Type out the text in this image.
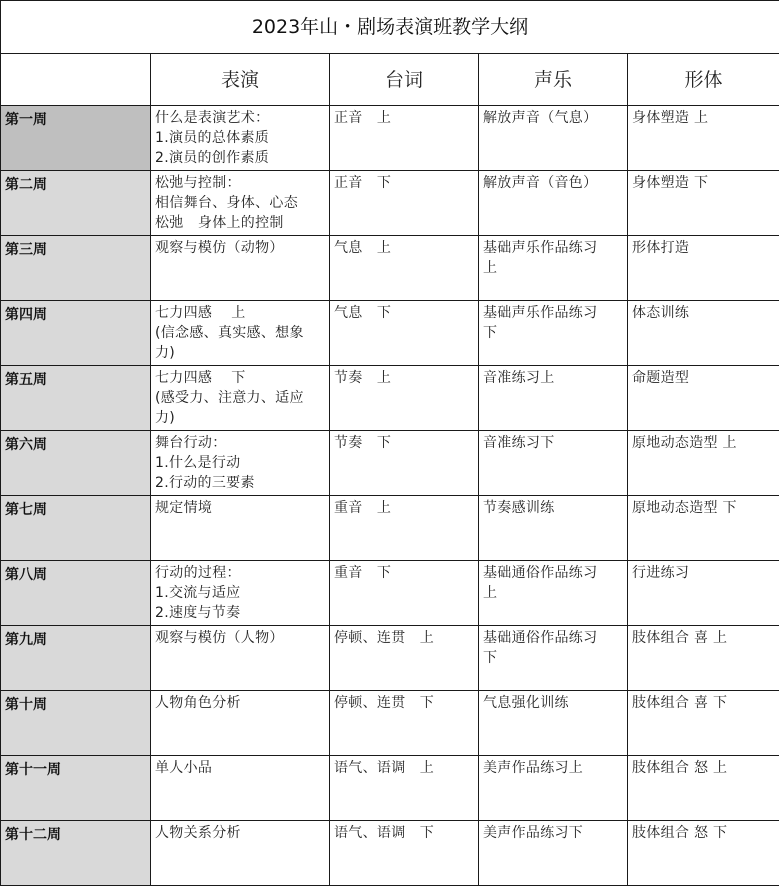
2023年山・剧场表演班教学大纲				
	表演	台词	声乐	形体
第一周	什么是表演艺术：
1.演员的总体素质
2.演员的创作素质	正音　上	解放声音（气息）	身体塑造 上

第二周	松弛与控制：
相信舞台、身体、心态
松弛　身体上的控制	正音　下	解放声音（音色）	身体塑造 下

第三周	观察与模仿（动物）	气息　上	基础声乐作品练习
上	形体打造

第四周	七力四感　 上
(信念感、真实感、想象
力)	气息　下	基础声乐作品练习
下	体态训练

第五周	七力四感　 下
(感受力、注意力、适应
力)	节奏　上	音准练习上	命题造型

第六周	舞台行动：
1.什么是行动
2.行动的三要素	节奏　下	音准练习下	原地动态造型 上

第七周	规定情境	重音　上	节奏感训练	原地动态造型 下

第八周	行动的过程：
1.交流与适应
2.速度与节奏	重音　下	基础通俗作品练习
上	行进练习

第九周	观察与模仿（人物）	停顿、连贯　上	基础通俗作品练习
下	肢体组合 喜 上

第十周	人物角色分析	停顿、连贯　下	气息强化训练	肢体组合 喜 下

第十一周	单人小品	语气、语调　上	美声作品练习上	肢体组合 怒 上

第十二周	人物关系分析	语气、语调　下	美声作品练习下	肢体组合 怒 下
